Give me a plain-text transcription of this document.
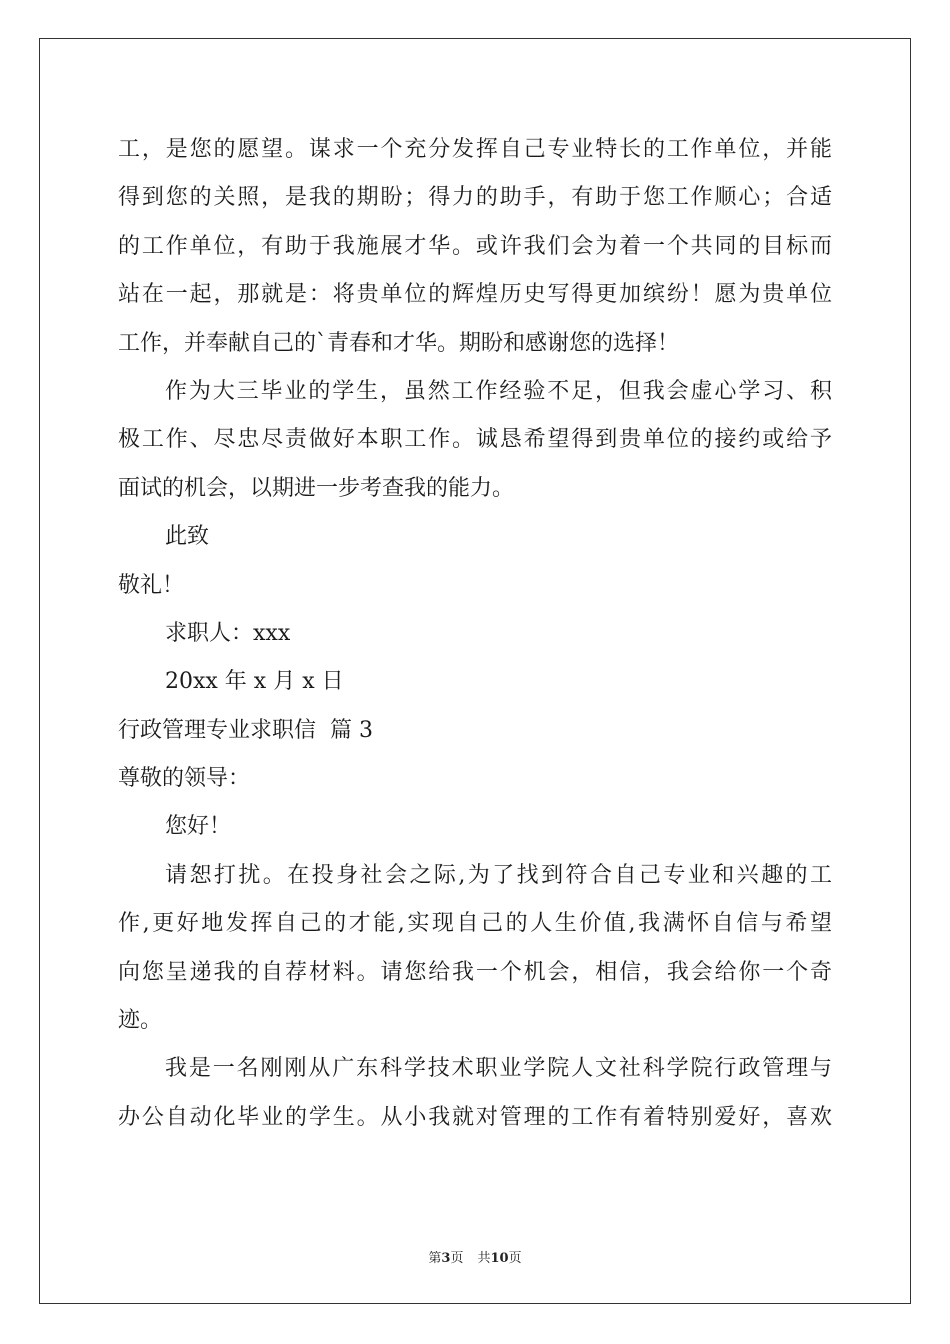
工，是您的愿望。谋求一个充分发挥自己专业特长的工作单位，并能
得到您的关照，是我的期盼；得力的助手，有助于您工作顺心；合适
的工作单位，有助于我施展才华。或许我们会为着一个共同的目标而
站在一起，那就是：将贵单位的辉煌历史写得更加缤纷！愿为贵单位
工作，并奉献自己的`青春和才华。期盼和感谢您的选择！
作为大三毕业的学生，虽然工作经验不足，但我会虚心学习、积
极工作、尽忠尽责做好本职工作。诚恳希望得到贵单位的接约或给予
面试的机会，以期进一步考查我的能力。
此致
敬礼！
求职人：xxx
20xx 年 x 月 x 日
行政管理专业求职信  篇 3
尊敬的领导：
您好！
请恕打扰。在投身社会之际,为了找到符合自己专业和兴趣的工
作,更好地发挥自己的才能,实现自己的人生价值,我满怀自信与希望
向您呈递我的自荐材料。请您给我一个机会，相信，我会给你一个奇
迹。
我是一名刚刚从广东科学技术职业学院人文社科学院行政管理与
办公自动化毕业的学生。从小我就对管理的工作有着特别爱好，喜欢
第3页 共10页
